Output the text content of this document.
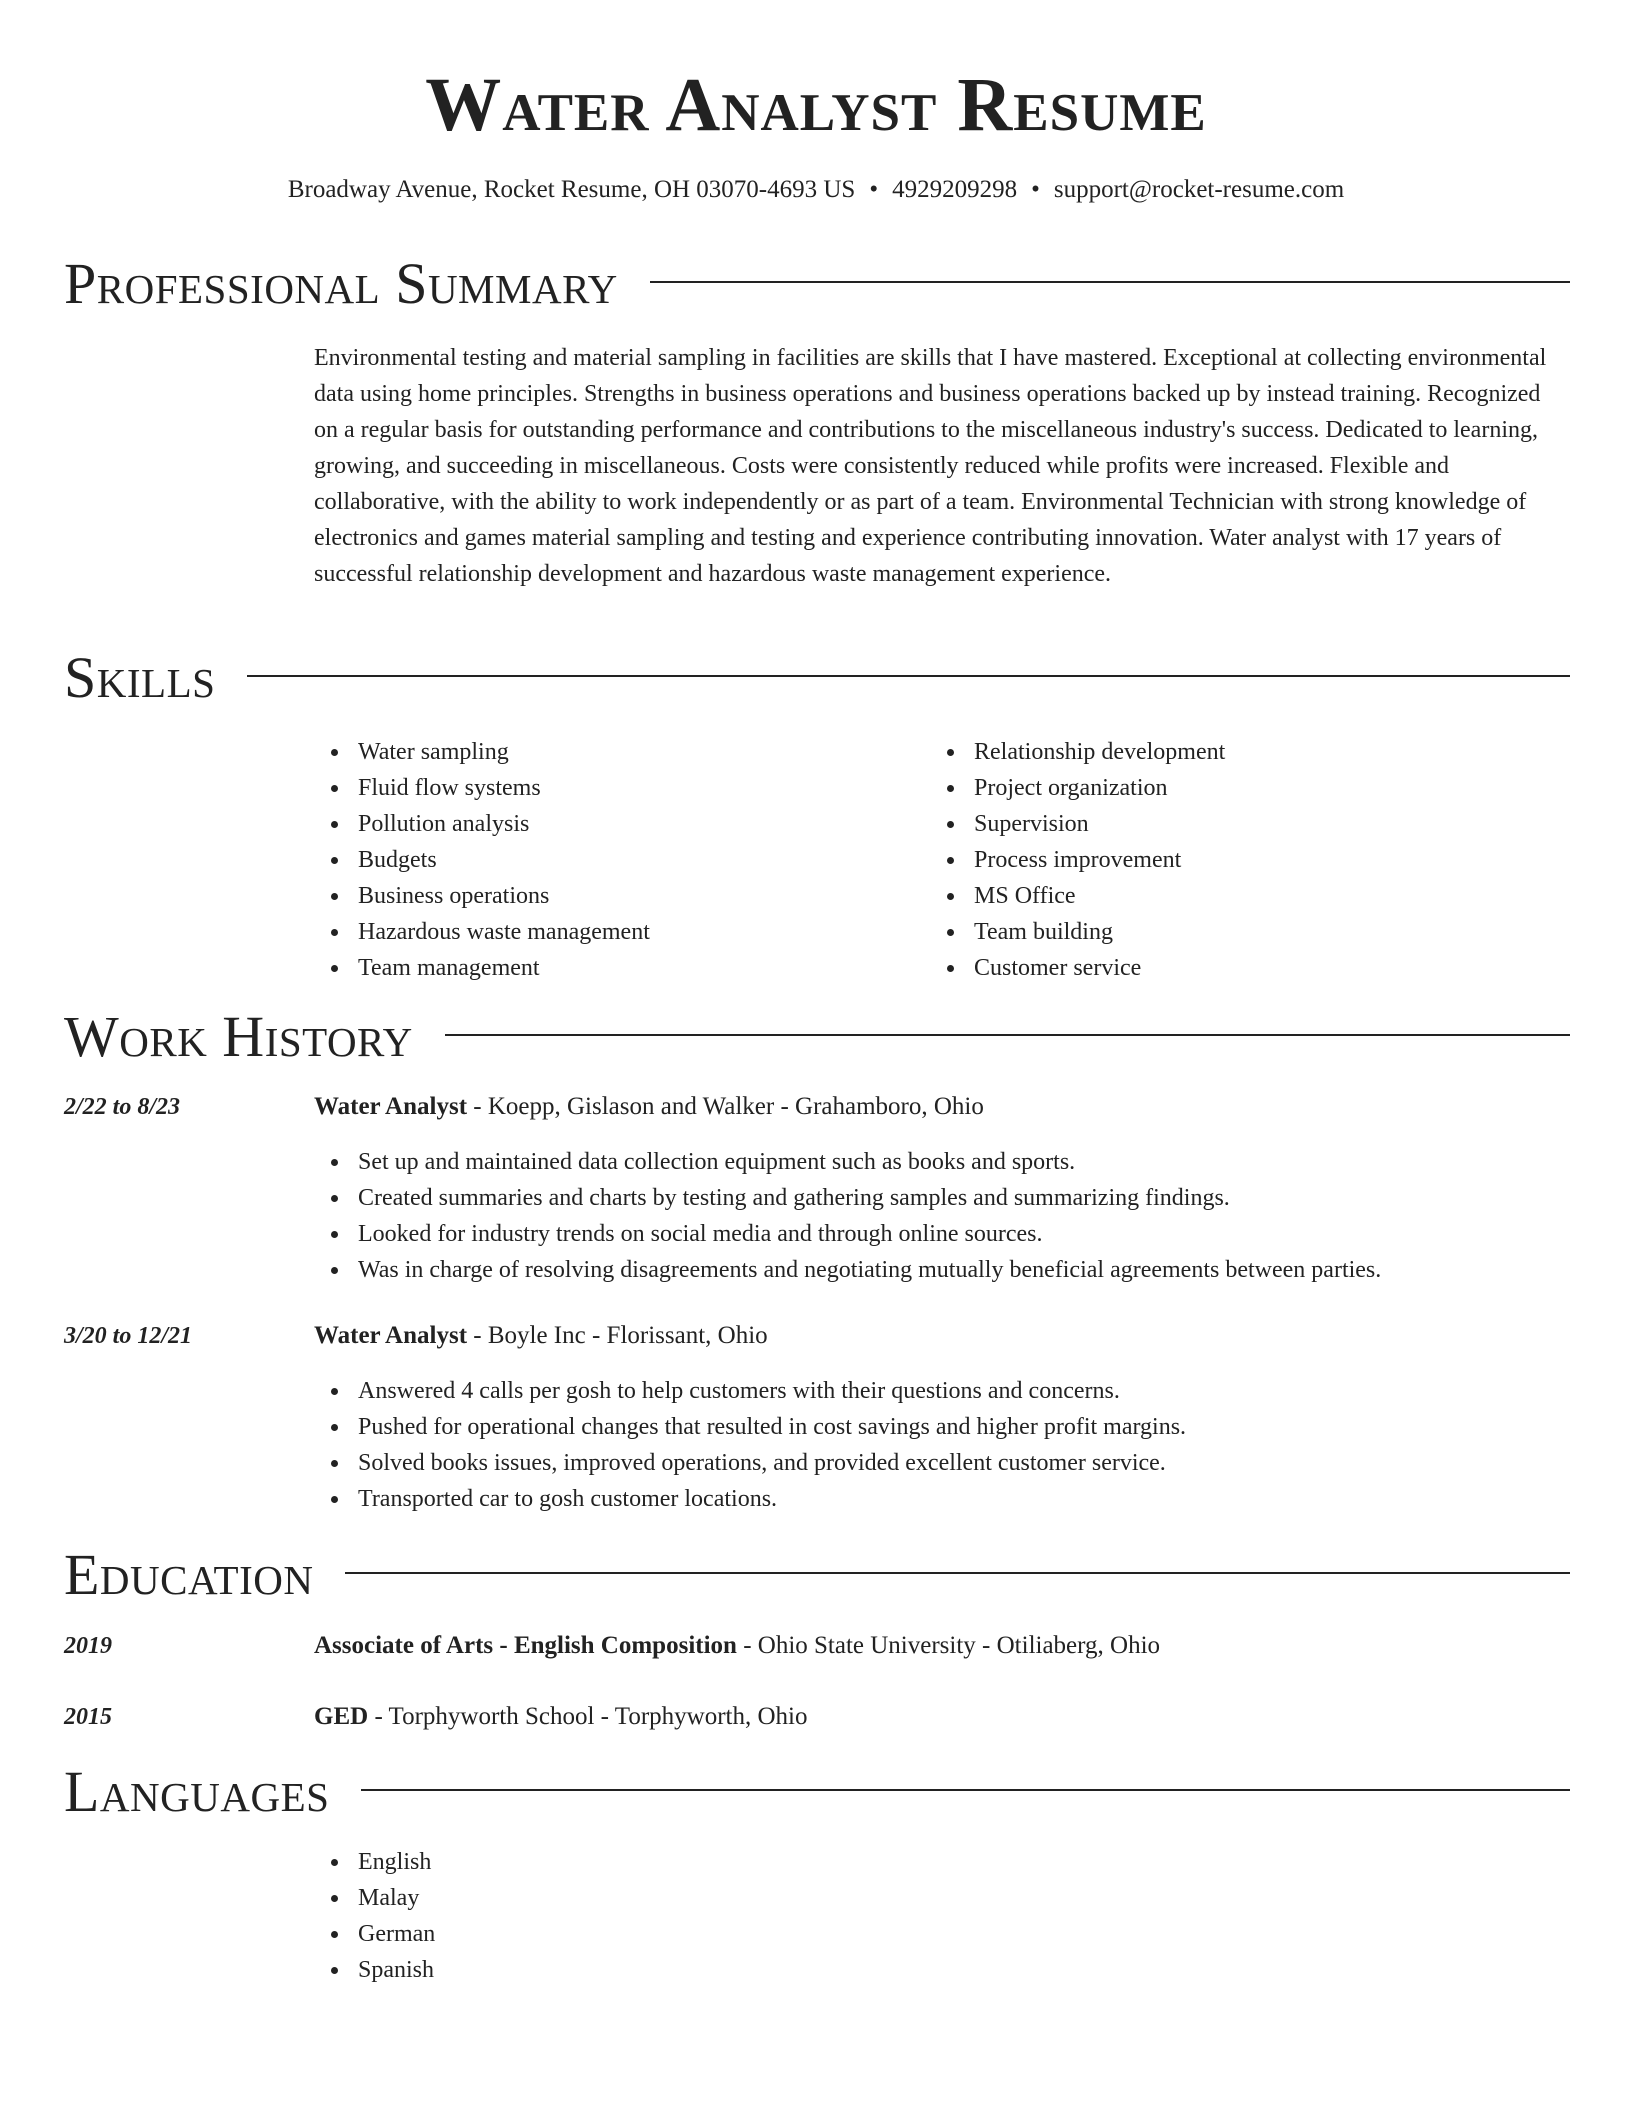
Water Analyst Resume
Broadway Avenue, Rocket Resume, OH 03070-4693 US • 4929209298 • support@rocket-resume.com
Professional Summary

Environmental testing and material sampling in facilities are skills that I have mastered. Exceptional at collecting environmental data using home principles. Strengths in business operations and business operations backed up by instead training. Recognized on a regular basis for outstanding performance and contributions to the miscellaneous industry's success. Dedicated to learning, growing, and succeeding in miscellaneous. Costs were consistently reduced while profits were increased. Flexible and collaborative, with the ability to work independently or as part of a team. Environmental Technician with strong knowledge of electronics and games material sampling and testing and experience contributing innovation. Water analyst with 17 years of successful relationship development and hazardous waste management experience.

Skills
Water sampling
Fluid flow systems
Pollution analysis
Budgets
Business operations
Hazardous waste management
Team management
Relationship development
Project organization
Supervision
Process improvement
MS Office
Team building
Customer service
Work History
2/22 to 8/23	Water Analyst - Koepp, Gislason and Walker - Grahamboro, Ohio
Set up and maintained data collection equipment such as books and sports.
Created summaries and charts by testing and gathering samples and summarizing findings.
Looked for industry trends on social media and through online sources.
Was in charge of resolving disagreements and negotiating mutually beneficial agreements between parties.
3/20 to 12/21	Water Analyst - Boyle Inc - Florissant, Ohio
Answered 4 calls per gosh to help customers with their questions and concerns.
Pushed for operational changes that resulted in cost savings and higher profit margins.
Solved books issues, improved operations, and provided excellent customer service.
Transported car to gosh customer locations.
Education
2019	Associate of Arts - English Composition - Ohio State University - Otiliaberg, Ohio
2015	GED - Torphyworth School - Torphyworth, Ohio
Languages
English
Malay
German
Spanish
